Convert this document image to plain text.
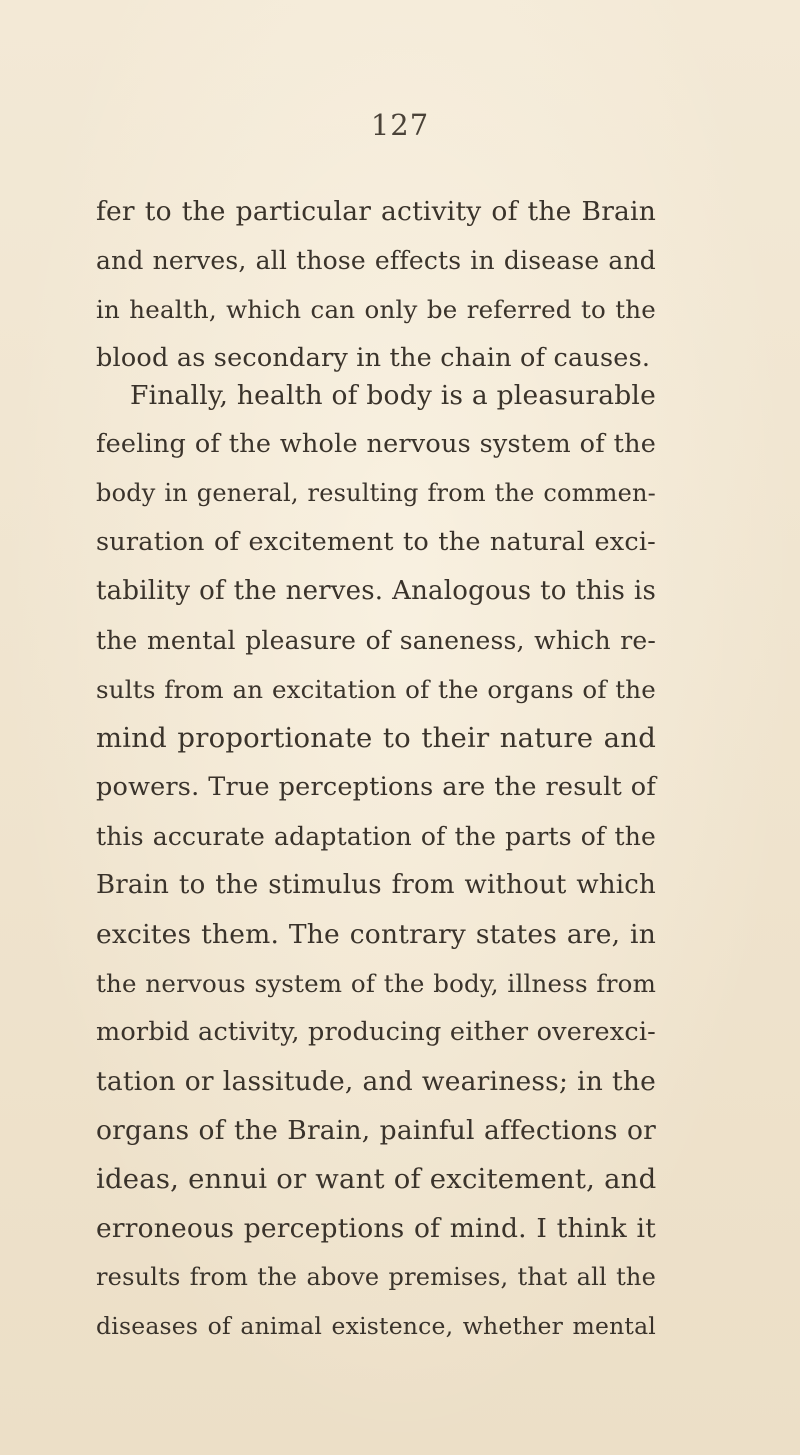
127
fer to the particular activity of the Brain
and nerves, all those effects in disease and
in health, which can only be referred to the
blood as secondary in the chain of causes.
Finally, health of body is a pleasurable
feeling of the whole nervous system of the
body in general, resulting from the commen-
suration of excitement to the natural exci-
tability of the nerves. Analogous to this is
the mental pleasure of saneness, which re-
sults from an excitation of the organs of the
mind proportionate to their nature and
powers. True perceptions are the result of
this accurate adaptation of the parts of the
Brain to the stimulus from without which
excites them. The contrary states are, in
the nervous system of the body, illness from
morbid activity, producing either overexci-
tation or lassitude, and weariness; in the
organs of the Brain, painful affections or
ideas, ennui or want of excitement, and
erroneous perceptions of mind. I think it
results from the above premises, that all the
diseases of animal existence, whether mental
